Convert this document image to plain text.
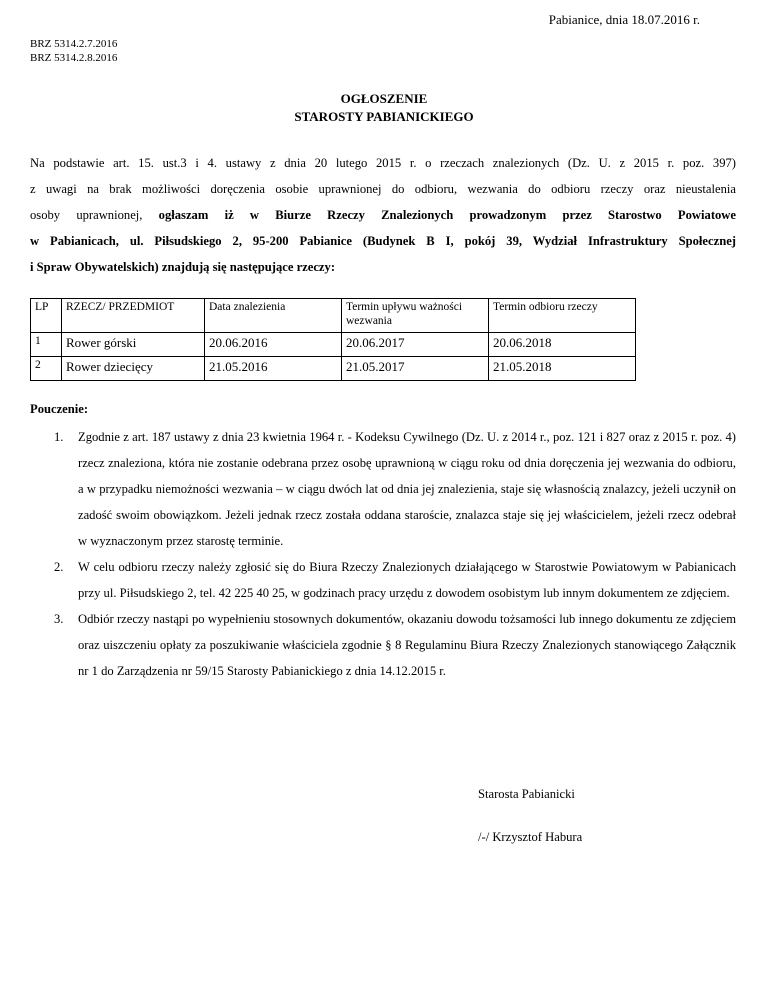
Pabianice, dnia 18.07.2016 r.
BRZ 5314.2.7.2016
BRZ 5314.2.8.2016
OGŁOSZENIE
STAROSTY PABIANICKIEGO
Na podstawie art. 15. ust.3 i 4. ustawy z dnia 20 lutego 2015 r. o rzeczach znalezionych (Dz. U. z 2015 r. poz. 397)
z uwagi na brak możliwości doręczenia osobie uprawnionej do odbioru, wezwania do odbioru rzeczy oraz nieustalenia
osoby uprawnionej, ogłaszam iż w Biurze Rzeczy Znalezionych prowadzonym przez Starostwo Powiatowe
w Pabianicach, ul. Piłsudskiego 2, 95-200 Pabianice (Budynek B I, pokój 39, Wydział Infrastruktury Społecznej
i Spraw Obywatelskich) znajdują się następujące rzeczy:
LP	RZECZ/ PRZEDMIOT	Data znalezienia	Termin upływu ważności wezwania	Termin odbioru rzeczy
1	Rower górski	20.06.2016	20.06.2017	20.06.2018
2	Rower dziecięcy	21.05.2016	21.05.2017	21.05.2018
Pouczenie:
1. Zgodnie z art. 187 ustawy z dnia 23 kwietnia 1964 r. - Kodeksu Cywilnego (Dz. U. z 2014 r., poz. 121 i 827 oraz z 2015 r. poz. 4) rzecz znaleziona, która nie zostanie odebrana przez osobę uprawnioną w ciągu roku od dnia doręczenia jej wezwania do odbioru, a w przypadku niemożności wezwania – w ciągu dwóch lat od dnia jej znalezienia, staje się własnością znalazcy, jeżeli uczynił on zadość swoim obowiązkom. Jeżeli jednak rzecz została oddana staroście, znalazca staje się jej właścicielem, jeżeli rzecz odebrał w wyznaczonym przez starostę terminie.
2. W celu odbioru rzeczy należy zgłosić się do Biura Rzeczy Znalezionych działającego w Starostwie Powiatowym w Pabianicach przy ul. Piłsudskiego 2, tel. 42 225 40 25, w godzinach pracy urzędu z dowodem osobistym lub innym dokumentem ze zdjęciem.
3. Odbiór rzeczy nastąpi po wypełnieniu stosownych dokumentów, okazaniu dowodu tożsamości lub innego dokumentu ze zdjęciem oraz uiszczeniu opłaty za poszukiwanie właściciela zgodnie § 8 Regulaminu Biura Rzeczy Znalezionych stanowiącego Załącznik nr 1 do Zarządzenia nr 59/15 Starosty Pabianickiego z dnia 14.12.2015 r.
Starosta Pabianicki
/-/ Krzysztof Habura
